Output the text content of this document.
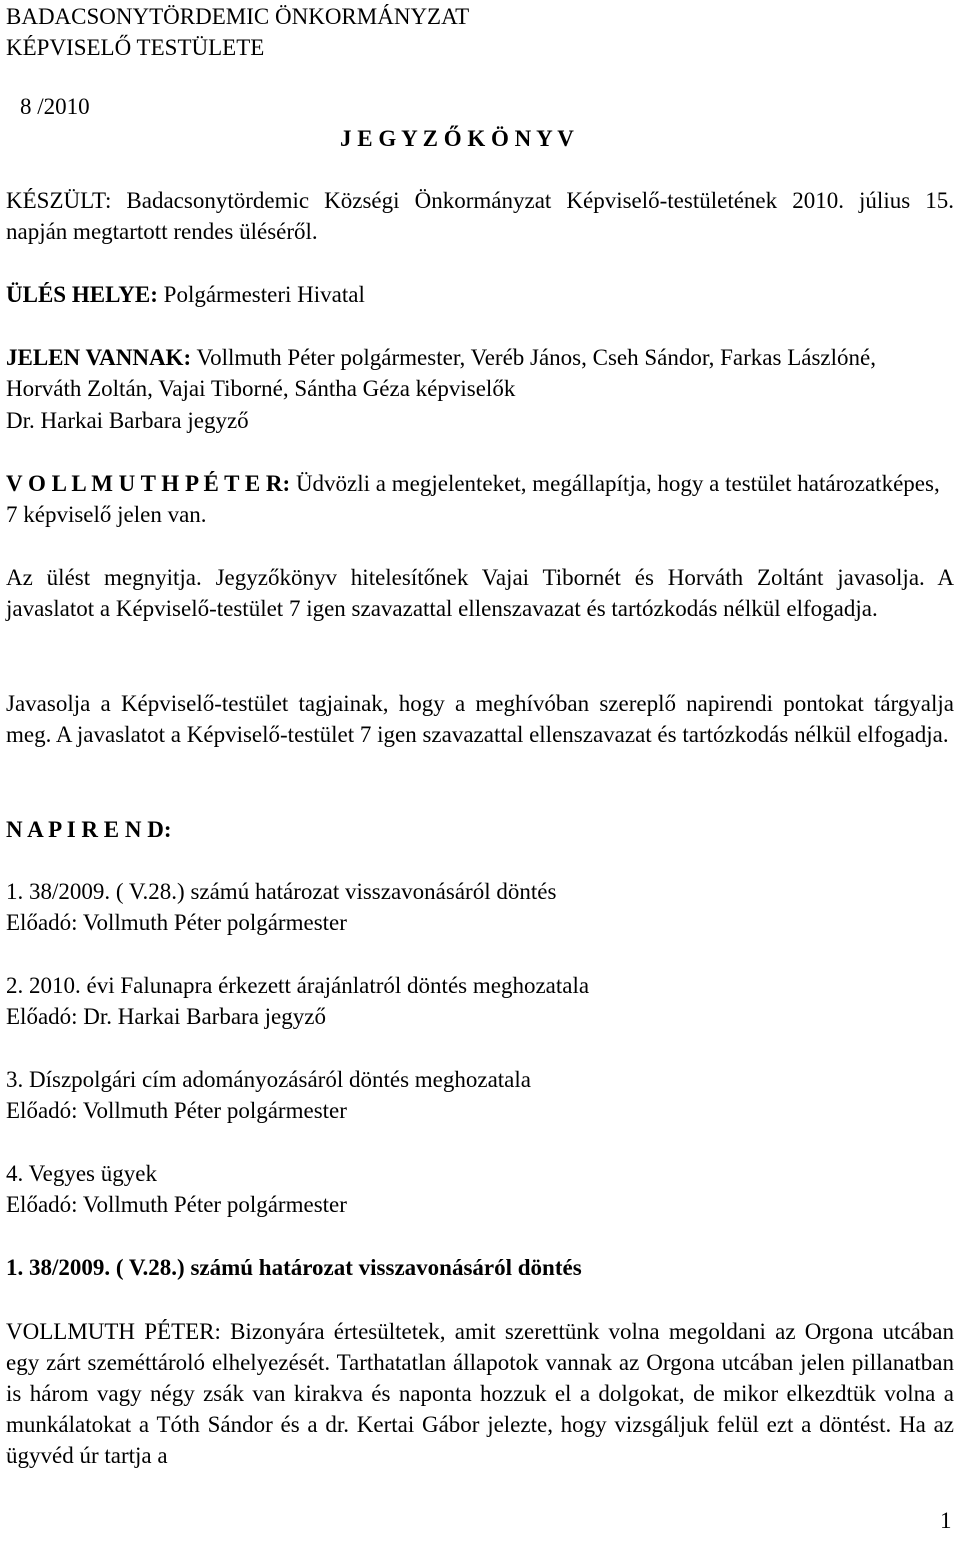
BADACSONYTÖRDEMIC ÖNKORMÁNYZAT
KÉPVISELŐ TESTÜLETE
8 /2010
J E G Y Z Ő K Ö N Y V

KÉSZÜLT: Badacsonytördemic Községi Önkormányzat Képviselő-testületének 2010. július 15. napján megtartott rendes üléséről.

ÜLÉS HELYE: Polgármesteri Hivatal

JELEN VANNAK: Vollmuth Péter polgármester, Veréb János, Cseh Sándor, Farkas Lászlóné, Horváth Zoltán, Vajai Tiborné, Sántha Géza képviselők

Dr. Harkai Barbara jegyző

V O L L M U T H P É T E R: Üdvözli a megjelenteket, megállapítja, hogy a testület határozatképes, 7 képviselő jelen van.

Az ülést megnyitja. Jegyzőkönyv hitelesítőnek Vajai Tibornét és Horváth Zoltánt javasolja. A javaslatot a Képviselő-testület 7 igen szavazattal ellenszavazat és tartózkodás nélkül elfogadja.

Javasolja a Képviselő-testület tagjainak, hogy a meghívóban szereplő napirendi pontokat tárgyalja meg. A javaslatot a Képviselő-testület 7 igen szavazattal ellenszavazat és tartózkodás nélkül elfogadja.

N A P I R E N D:
1. 38/2009. ( V.28.) számú határozat visszavonásáról döntés
Előadó: Vollmuth Péter polgármester
2. 2010. évi Falunapra érkezett árajánlatról döntés meghozatala
Előadó: Dr. Harkai Barbara jegyző
3. Díszpolgári cím adományozásáról döntés meghozatala
Előadó: Vollmuth Péter polgármester
4. Vegyes ügyek
Előadó: Vollmuth Péter polgármester
1. 38/2009. ( V.28.) számú határozat visszavonásáról döntés

VOLLMUTH PÉTER: Bizonyára értesültetek, amit szerettünk volna megoldani az Orgona utcában egy zárt szeméttároló elhelyezését. Tarthatatlan állapotok vannak az Orgona utcában jelen pillanatban is három vagy négy zsák van kirakva és naponta hozzuk el a dolgokat, de mikor elkezdtük volna a munkálatokat a Tóth Sándor és a dr. Kertai Gábor jelezte, hogy vizsgáljuk felül ezt a döntést. Ha az ügyvéd úr tartja a

1
